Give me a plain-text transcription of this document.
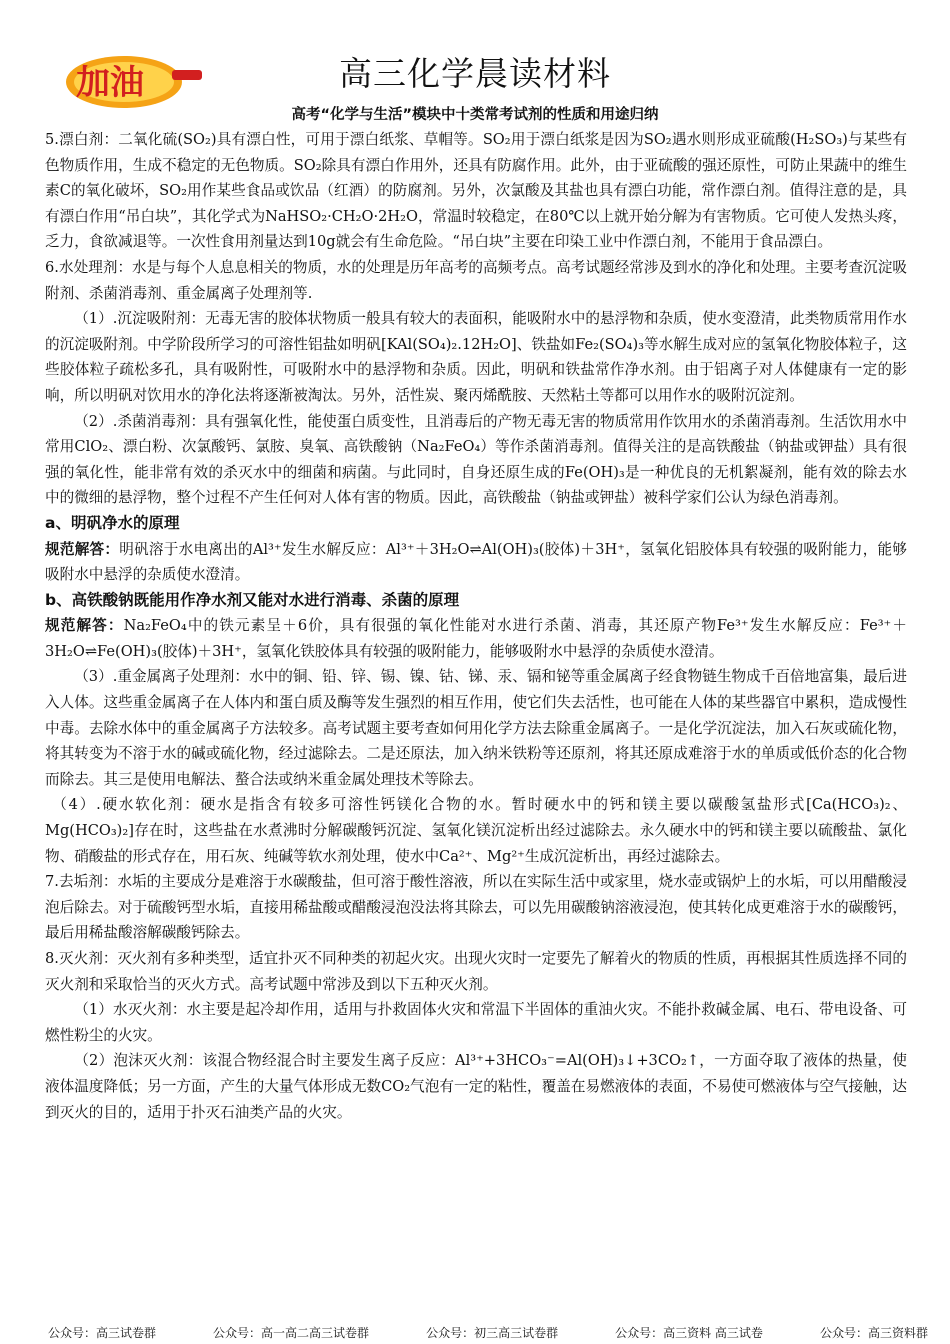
加油	高三化学晨读材料
高考“化学与生活”模块中十类常考试剂的性质和用途归纳

5.漂白剂：二氧化硫(SO₂)具有漂白性，可用于漂白纸浆、草帽等。SO₂用于漂白纸浆是因为SO₂遇水则形成亚硫酸(H₂SO₃)与某些有色物质作用，生成不稳定的无色物质。SO₂除具有漂白作用外，还具有防腐作用。此外，由于亚硫酸的强还原性，可防止果蔬中的维生素C的氧化破坏，SO₂用作某些食品或饮品（红酒）的防腐剂。另外，次氯酸及其盐也具有漂白功能，常作漂白剂。值得注意的是，具有漂白作用“吊白块”，其化学式为NaHSO₂·CH₂O·2H₂O，常温时较稳定，在80℃以上就开始分解为有害物质。它可使人发热头疼，乏力，食欲减退等。一次性食用剂量达到10g就会有生命危险。“吊白块”主要在印染工业中作漂白剂，不能用于食品漂白。

6.水处理剂：水是与每个人息息相关的物质，水的处理是历年高考的高频考点。高考试题经常涉及到水的净化和处理。主要考查沉淀吸附剂、杀菌消毒剂、重金属离子处理剂等.

（1）.沉淀吸附剂：无毒无害的胶体状物质一般具有较大的表面积，能吸附水中的悬浮物和杂质，使水变澄清，此类物质常用作水的沉淀吸附剂。中学阶段所学习的可溶性铝盐如明矾[KAl(SO₄)₂.12H₂O]、铁盐如Fe₂(SO₄)₃等水解生成对应的氢氧化物胶体粒子，这些胶体粒子疏松多孔，具有吸附性，可吸附水中的悬浮物和杂质。因此，明矾和铁盐常作净水剂。由于铝离子对人体健康有一定的影响，所以明矾对饮用水的净化法将逐渐被淘汰。另外，活性炭、聚丙烯酰胺、天然粘土等都可以用作水的吸附沉淀剂。

（2）.杀菌消毒剂：具有强氧化性，能使蛋白质变性，且消毒后的产物无毒无害的物质常用作饮用水的杀菌消毒剂。生活饮用水中常用ClO₂、漂白粉、次氯酸钙、氯胺、臭氧、高铁酸钠（Na₂FeO₄）等作杀菌消毒剂。值得关注的是高铁酸盐（钠盐或钾盐）具有很强的氧化性，能非常有效的杀灭水中的细菌和病菌。与此同时，自身还原生成的Fe(OH)₃是一种优良的无机絮凝剂，能有效的除去水中的微细的悬浮物，整个过程不产生任何对人体有害的物质。因此，高铁酸盐（钠盐或钾盐）被科学家们公认为绿色消毒剂。

a、明矾净水的原理

规范解答：明矾溶于水电离出的Al³⁺发生水解反应：Al³⁺＋3H₂O⇌Al(OH)₃(胶体)＋3H⁺，氢氧化铝胶体具有较强的吸附能力，能够吸附水中悬浮的杂质使水澄清。

b、高铁酸钠既能用作净水剂又能对水进行消毒、杀菌的原理

规范解答：Na₂FeO₄中的铁元素呈＋6价，具有很强的氧化性能对水进行杀菌、消毒，其还原产物Fe³⁺发生水解反应：Fe³⁺＋3H₂O⇌Fe(OH)₃(胶体)＋3H⁺，氢氧化铁胶体具有较强的吸附能力，能够吸附水中悬浮的杂质使水澄清。

（3）.重金属离子处理剂：水中的铜、铅、锌、锡、镍、钴、锑、汞、镉和铋等重金属离子经食物链生物成千百倍地富集，最后进入人体。这些重金属离子在人体内和蛋白质及酶等发生强烈的相互作用，使它们失去活性，也可能在人体的某些器官中累积，造成慢性中毒。去除水体中的重金属离子方法较多。高考试题主要考查如何用化学方法去除重金属离子。一是化学沉淀法，加入石灰或硫化物，将其转变为不溶于水的碱或硫化物，经过滤除去。二是还原法，加入纳米铁粉等还原剂，将其还原成难溶于水的单质或低价态的化合物而除去。其三是使用电解法、螯合法或纳米重金属处理技术等除去。

（4）.硬水软化剂：硬水是指含有较多可溶性钙镁化合物的水。暂时硬水中的钙和镁主要以碳酸氢盐形式[Ca(HCO₃)₂、Mg(HCO₃)₂]存在时，这些盐在水煮沸时分解碳酸钙沉淀、氢氧化镁沉淀析出经过滤除去。永久硬水中的钙和镁主要以硫酸盐、氯化物、硝酸盐的形式存在，用石灰、纯碱等软水剂处理，使水中Ca²⁺、Mg²⁺生成沉淀析出，再经过滤除去。

7.去垢剂：水垢的主要成分是难溶于水碳酸盐，但可溶于酸性溶液，所以在实际生活中或家里，烧水壶或锅炉上的水垢，可以用醋酸浸泡后除去。对于硫酸钙型水垢，直接用稀盐酸或醋酸浸泡没法将其除去，可以先用碳酸钠溶液浸泡，使其转化成更难溶于水的碳酸钙，最后用稀盐酸溶解碳酸钙除去。

8.灭火剂：灭火剂有多种类型，适宜扑灭不同种类的初起火灾。出现火灾时一定要先了解着火的物质的性质，再根据其性质选择不同的灭火剂和采取恰当的灭火方式。高考试题中常涉及到以下五种灭火剂。

（1）水灭火剂：水主要是起冷却作用，适用与扑救固体火灾和常温下半固体的重油火灾。不能扑救碱金属、电石、带电设备、可燃性粉尘的火灾。

（2）泡沫灭火剂：该混合物经混合时主要发生离子反应：Al³⁺+3HCO₃⁻=Al(OH)₃↓+3CO₂↑，一方面夺取了液体的热量，使液体温度降低；另一方面，产生的大量气体形成无数CO₂气泡有一定的粘性，覆盖在易燃液体的表面，不易使可燃液体与空气接触，达到灭火的目的，适用于扑灭石油类产品的火灾。

公众号：高三试卷群	公众号：高一高二高三试卷群	公众号：初三高三试卷群	公众号：高三资料 高三试卷	公众号：高三资料群
